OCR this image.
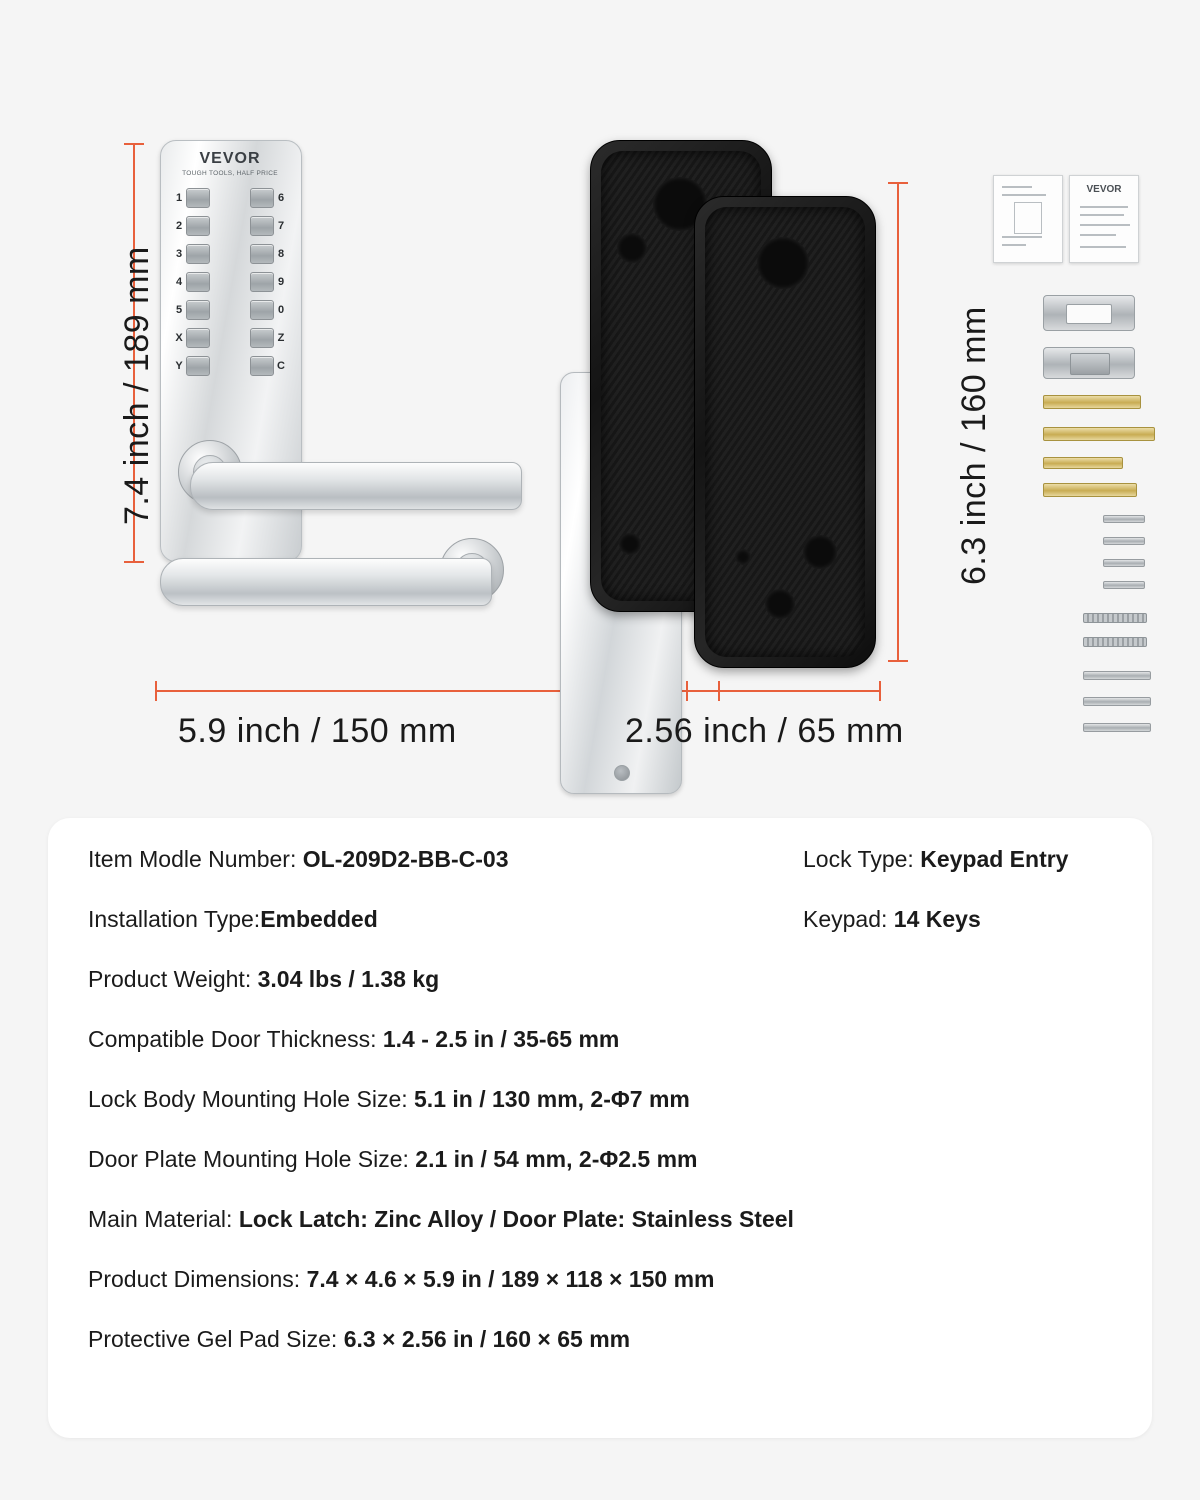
7.4 inch / 189 mm
5.9 inch / 150 mm
VEVOR
TOUGH TOOLS, HALF PRICE
1	6
2	7
3	8
4	9
5	0
X	Z
Y	C	6.3 inch / 160 mm
2.56 inch / 65 mm
VEVOR
Item Modle Number: OL-209D2-BB-C-03
Installation Type:Embedded
Product Weight: 3.04 lbs / 1.38 kg
Compatible Door Thickness: 1.4 - 2.5 in / 35-65 mm
Lock Body Mounting Hole Size: 5.1 in / 130 mm, 2-Φ7 mm
Door Plate Mounting Hole Size: 2.1 in / 54 mm, 2-Φ2.5 mm
Main Material: Lock Latch: Zinc Alloy / Door Plate: Stainless Steel
Product Dimensions: 7.4 × 4.6 × 5.9 in / 189 × 118 × 150 mm
Protective Gel Pad Size: 6.3 × 2.56 in / 160 × 65 mm
Lock Type: Keypad Entry
Keypad: 14 Keys
